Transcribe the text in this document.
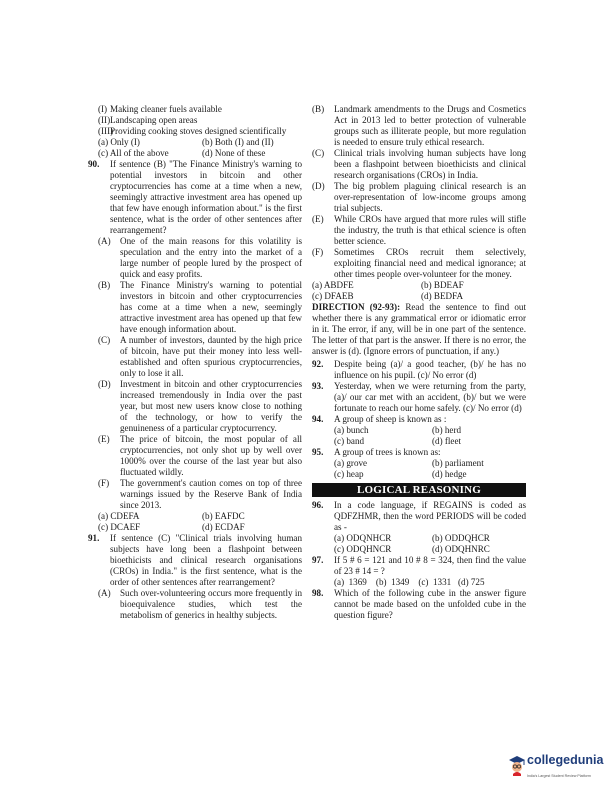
(I) Making cleaner fuels available

(II) Landscaping open areas

(III)
Providing cooking stoves designed scientifically

(a) Only (I)	(b) Both (I) and (II)
(c) All of the above	(d) None of these
90. If sentence (B) "The Finance Ministry's warning to potential investors in bitcoin and other cryptocurrencies has come at a time when a new, seemingly attractive investment area has opened up that few have enough information about." is the first sentence, what is the order of other sentences after rearrangement?

(A) One of the main reasons for this volatility is speculation and the entry into the market of a large number of people lured by the prospect of quick and easy profits.

(B) The Finance Ministry's warning to potential investors in bitcoin and other cryptocurrencies has come at a time when a new, seemingly attractive investment area has opened up that few have enough information about.

(C) A number of investors, daunted by the high price of bitcoin, have put their money into less well-established and often spurious cryptocurrencies, only to lose it all.

(D) Investment in bitcoin and other cryptocurrencies increased tremendously in India over the past year, but most new users know close to nothing of the technology, or how to verify the genuineness of a particular cryptocurrency.

(E) The price of bitcoin, the most popular of all cryptocurrencies, not only shot up by well over 1000% over the course of the last year but also fluctuated wildly.

(F) The government's caution comes on top of three warnings issued by the Reserve Bank of India since 2013.

(a) CDEFA	(b) EAFDC
(c) DCAEF	(d) ECDAF
91. If sentence (C) "Clinical trials involving human subjects have long been a flashpoint between bioethicists and clinical research organisations (CROs) in India." is the first sentence, what is the order of other sentences after rearrangement?

(A) Such over-volunteering occurs more frequently in bioequivalence studies, which test the metabolism of generics in healthy subjects.

(B) Landmark amendments to the Drugs and Cosmetics Act in 2013 led to better protection of vulnerable groups such as illiterate people, but more regulation is needed to ensure truly ethical research.

(C) Clinical trials involving human subjects have long been a flashpoint between bioethicists and clinical research organisations (CROs) in India.

(D) The big problem plaguing clinical research is an over-representation of low-income groups among trial subjects.

(E) While CROs have argued that more rules will stifle the industry, the truth is that ethical science is often better science.

(F) Sometimes CROs recruit them selectively, exploiting financial need and medical ignorance; at other times people over-volunteer for the money.

(a) ABDFE	(b) BDEAF
(c) DFAEB	(d) BEDFA

DIRECTION (92-93): Read the sentence to find out whether there is any grammatical error or idiomatic error in it. The error, if any, will be in one part of the sentence. The letter of that part is the answer. If there is no error, the answer is (d). (Ignore errors of punctuation, if any.)

92. Despite being (a)/ a good teacher, (b)/ he has no influence on his pupil. (c)/ No error (d)
93. Yesterday, when we were returning from the party, (a)/ our car met with an accident, (b)/ but we were fortunate to reach our home safely. (c)/ No error (d)
94. A group of sheep is known as :
(a) bunch	(b) herd
(c) band	(d) fleet
95. A group of trees is known as:
(a) grove	(b) parliament
(c) heap	(d) hedge
LOGICAL REASONING
96. In a code language, if REGAINS is coded as QDFZHMR, then the word PERIODS will be coded as -
(a) ODQNHCR	(b) ODDQHCR
(c) ODQHNCR	(d) ODQHNRC
97. If 5 # 6 = 121 and 10 # 8 = 324, then find the value of 23 # 14 = ?
(a)  1369    (b)  1349    (c)  1331   (d) 725
98. Which of the following cube in the answer figure cannot be made based on the unfolded cube in the question figure?
collegedunia
India's Largest Student Review Platform
